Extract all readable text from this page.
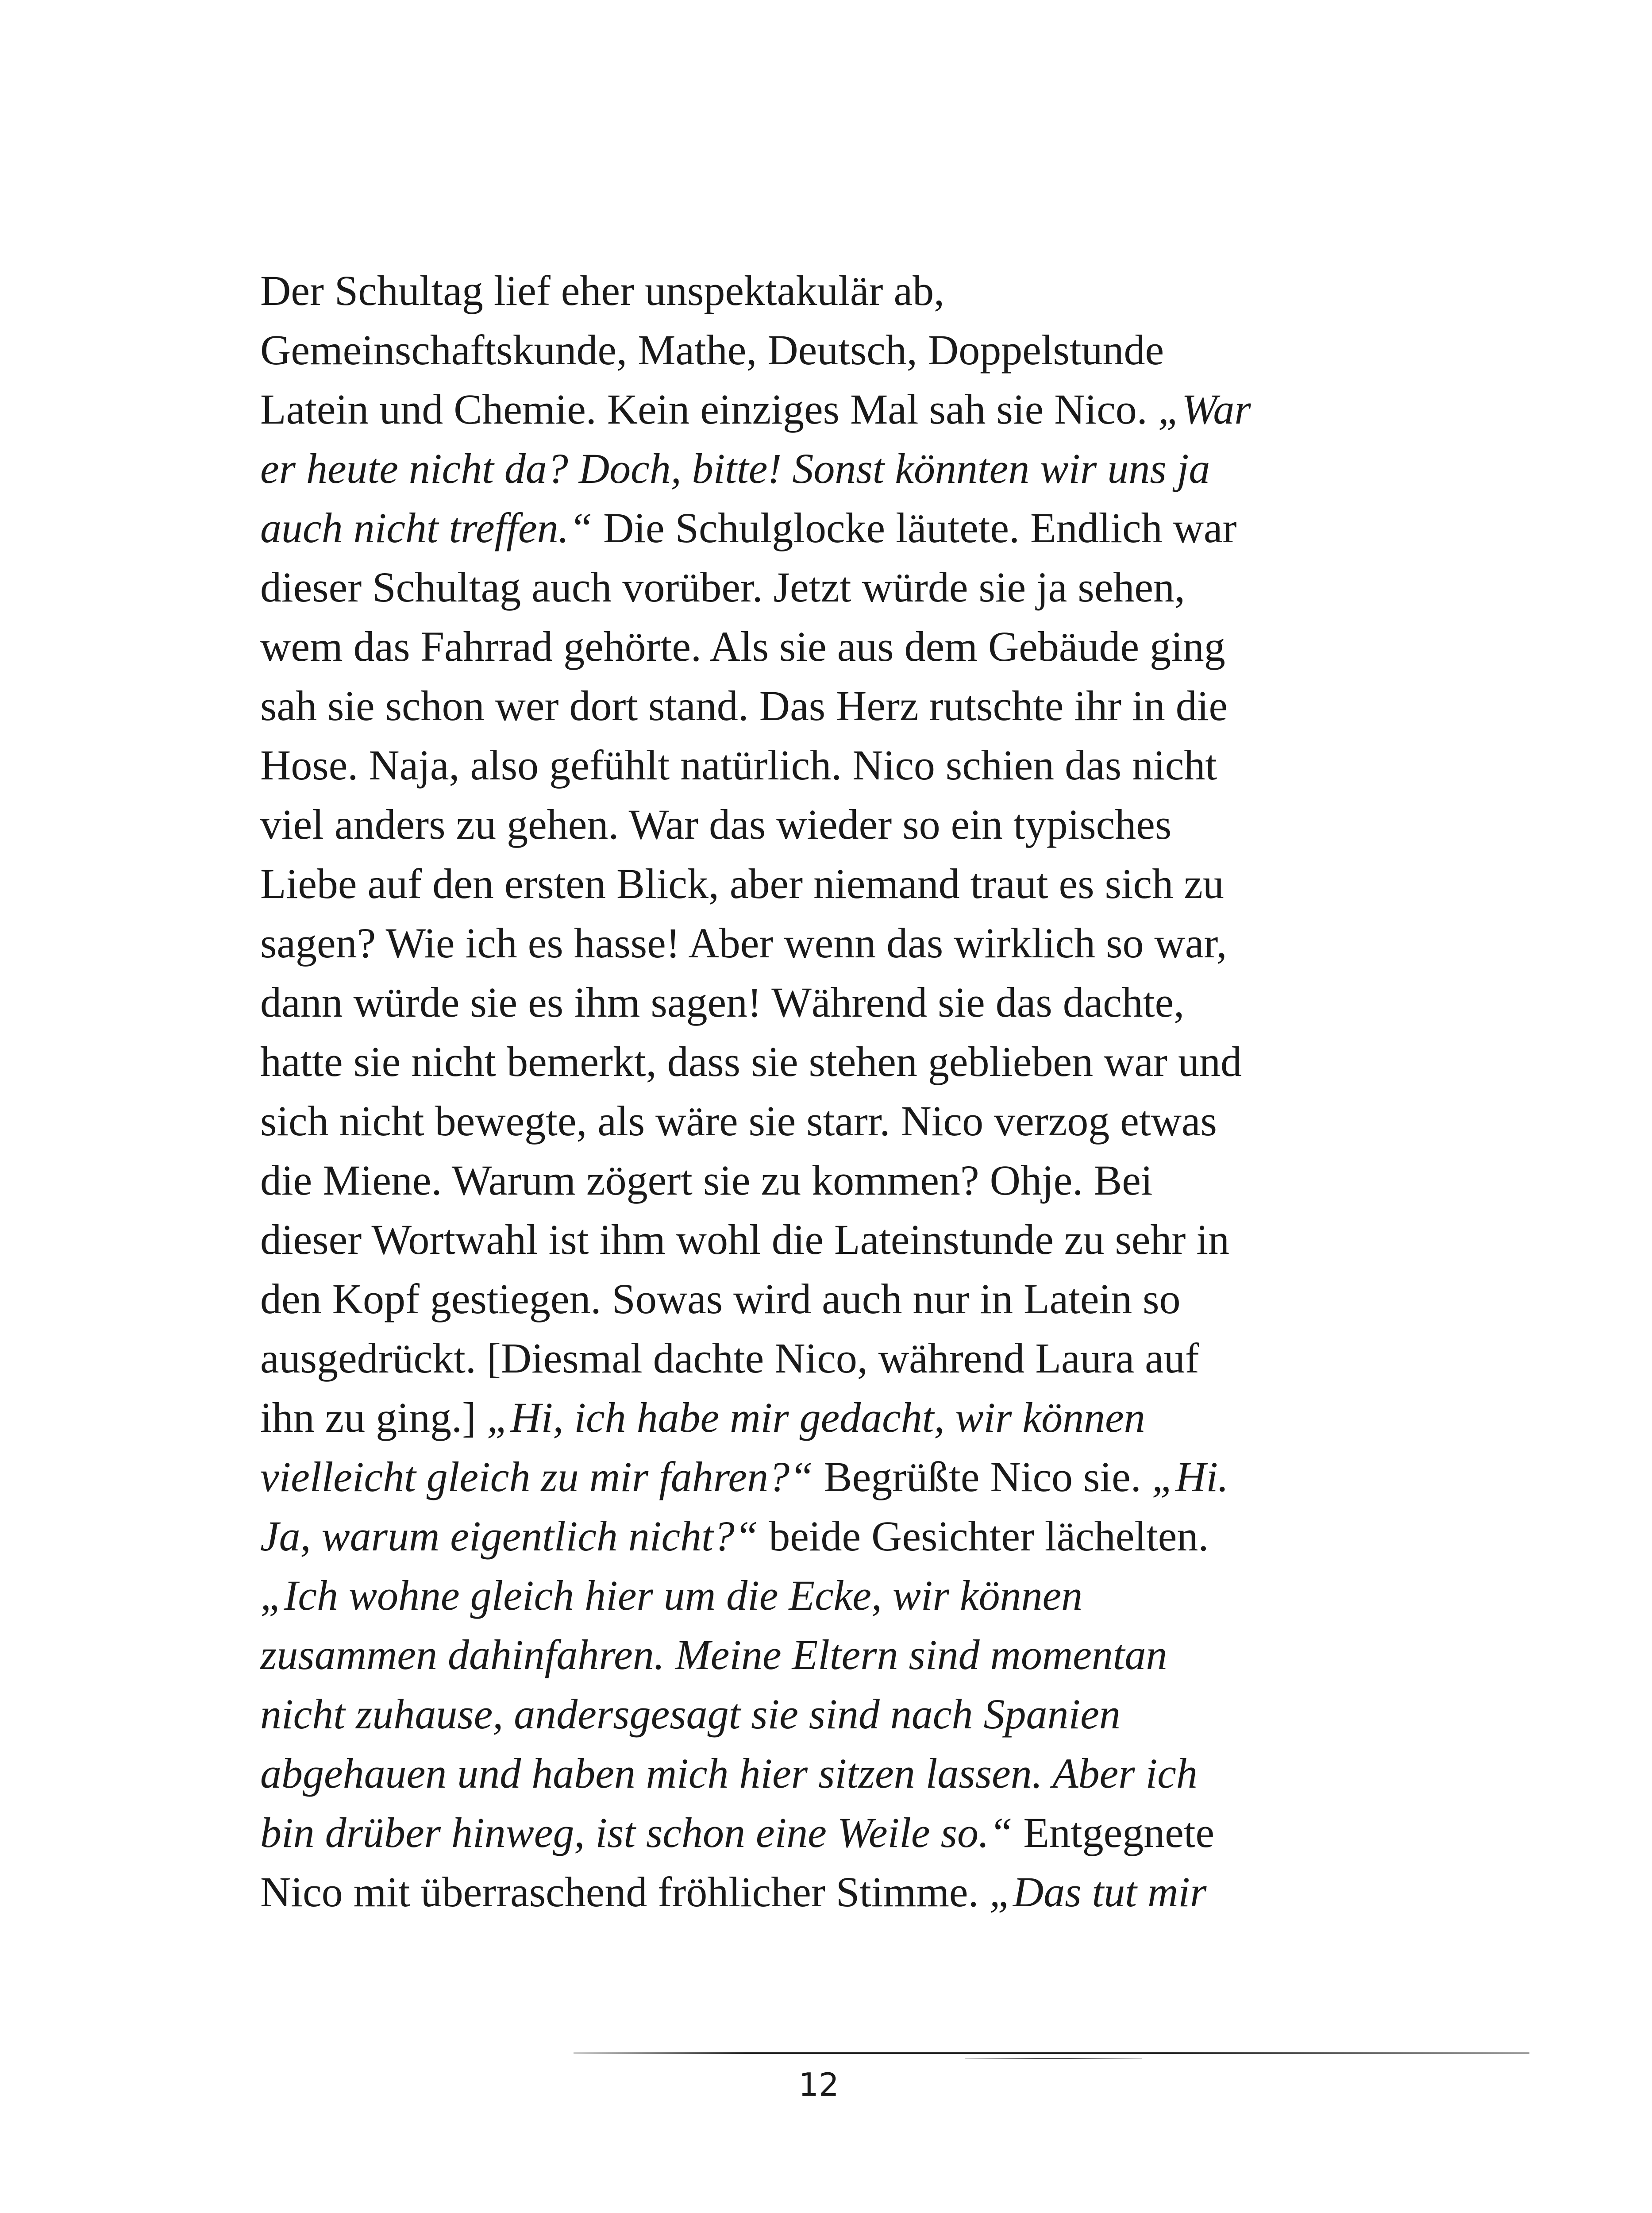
Der Schultag lief eher unspektakulär ab,
Gemeinschaftskunde, Mathe, Deutsch, Doppelstunde
Latein und Chemie. Kein einziges Mal sah sie Nico. „War
er heute nicht da? Doch, bitte! Sonst könnten wir uns ja
auch nicht treffen.“ Die Schulglocke läutete. Endlich war
dieser Schultag auch vorüber. Jetzt würde sie ja sehen,
wem das Fahrrad gehörte. Als sie aus dem Gebäude ging
sah sie schon wer dort stand. Das Herz rutschte ihr in die
Hose. Naja, also gefühlt natürlich. Nico schien das nicht
viel anders zu gehen. War das wieder so ein typisches
Liebe auf den ersten Blick, aber niemand traut es sich zu
sagen? Wie ich es hasse! Aber wenn das wirklich so war,
dann würde sie es ihm sagen! Während sie das dachte,
hatte sie nicht bemerkt, dass sie stehen geblieben war und
sich nicht bewegte, als wäre sie starr. Nico verzog etwas
die Miene. Warum zögert sie zu kommen? Ohje. Bei
dieser Wortwahl ist ihm wohl die Lateinstunde zu sehr in
den Kopf gestiegen. Sowas wird auch nur in Latein so
ausgedrückt. [Diesmal dachte Nico, während Laura auf
ihn zu ging.] „Hi, ich habe mir gedacht, wir können
vielleicht gleich zu mir fahren?“ Begrüßte Nico sie. „Hi.
Ja, warum eigentlich nicht?“ beide Gesichter lächelten.
„Ich wohne gleich hier um die Ecke, wir können
zusammen dahinfahren. Meine Eltern sind momentan
nicht zuhause, andersgesagt sie sind nach Spanien
abgehauen und haben mich hier sitzen lassen. Aber ich
bin drüber hinweg, ist schon eine Weile so.“ Entgegnete
Nico mit überraschend fröhlicher Stimme. „Das tut mir
12
